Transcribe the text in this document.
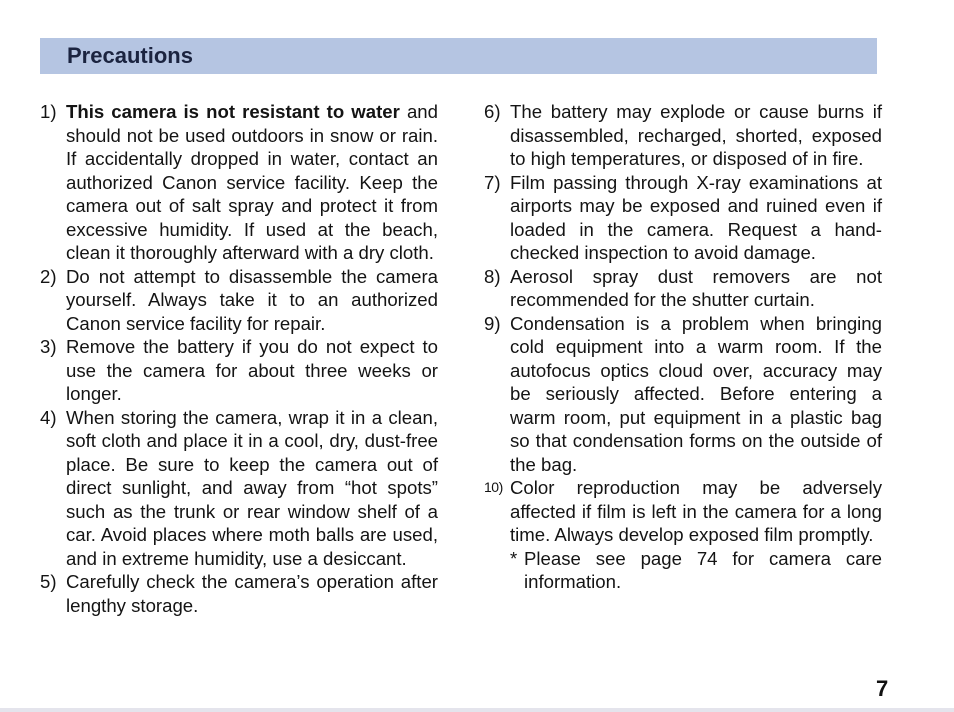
Precautions
1) This camera is not resistant to water and should not be used outdoors in snow or rain. If accidentally dropped in water, contact an authorized Canon service facility. Keep the camera out of salt spray and protect it from excessive humidity. If used at the beach, clean it thoroughly afterward with a dry cloth.
2) Do not attempt to disassemble the camera yourself. Always take it to an authorized Canon service facility for repair.
3) Remove the battery if you do not expect to use the camera for about three weeks or longer.
4) When storing the camera, wrap it in a clean, soft cloth and place it in a cool, dry, dust-free place. Be sure to keep the camera out of direct sunlight, and away from “hot spots” such as the trunk or rear window shelf of a car. Avoid places where moth balls are used, and in extreme humidity, use a desiccant.
5) Carefully check the camera’s operation after lengthy storage.
6) The battery may explode or cause burns if disassembled, recharged, shorted, exposed to high temperatures, or disposed of in fire.
7) Film passing through X-ray examinations at airports may be exposed and ruined even if loaded in the camera. Request a hand-checked inspection to avoid damage.
8) Aerosol spray dust removers are not recommended for the shutter curtain.
9) Condensation is a problem when bringing cold equipment into a warm room. If the autofocus optics cloud over, accuracy may be seriously affected. Before entering a warm room, put equipment in a plastic bag so that condensation forms on the outside of the bag.
10) Color reproduction may be adversely affected if film is left in the camera for a long time. Always develop exposed film promptly.
* Please see page 74 for camera care information.
7
